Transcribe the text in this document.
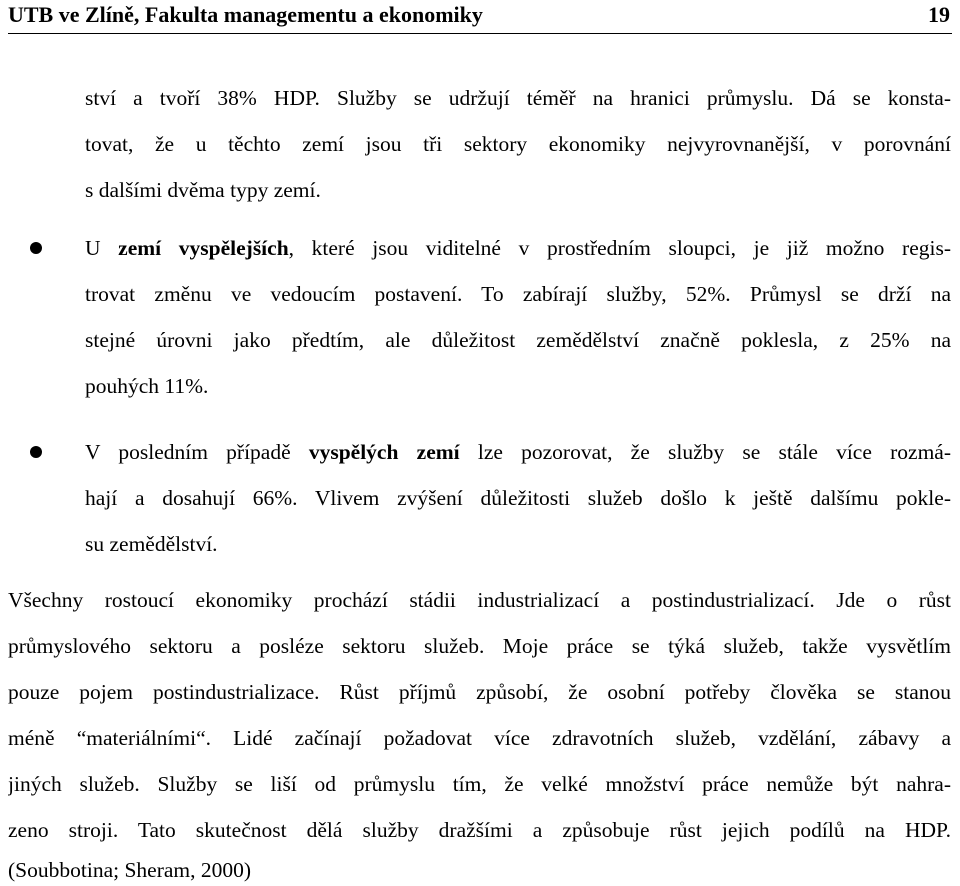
UTB ve Zlíně, Fakulta managementu a ekonomiky	19
ství a tvoří 38% HDP. Služby se udržují téměř na hranici průmyslu. Dá se konsta-
tovat, že u těchto zemí jsou tři sektory ekonomiky nejvyrovnanější, v porovnání
s dalšími dvěma typy zemí.
U zemí vyspělejších, které jsou viditelné v prostředním sloupci, je již možno regis-
trovat změnu ve vedoucím postavení. To zabírají služby, 52%. Průmysl se drží na
stejné úrovni jako předtím, ale důležitost zemědělství značně poklesla, z 25% na
pouhých 11%.
V posledním případě vyspělých zemí lze pozorovat, že služby se stále více rozmá-
hají a dosahují 66%. Vlivem zvýšení důležitosti služeb došlo k ještě dalšímu pokle-
su zemědělství.
Všechny rostoucí ekonomiky prochází stádii industrializací a postindustrializací. Jde o růst
průmyslového sektoru a posléze sektoru služeb. Moje práce se týká služeb, takže vysvětlím
pouze pojem postindustrializace. Růst příjmů způsobí, že osobní potřeby člověka se stanou
méně “materiálními“. Lidé začínají požadovat více zdravotních služeb, vzdělání, zábavy a
jiných služeb. Služby se liší od průmyslu tím, že velké množství práce nemůže být nahra-
zeno stroji. Tato skutečnost dělá služby dražšími a způsobuje růst jejich podílů na HDP.
(Soubbotina; Sheram, 2000)
